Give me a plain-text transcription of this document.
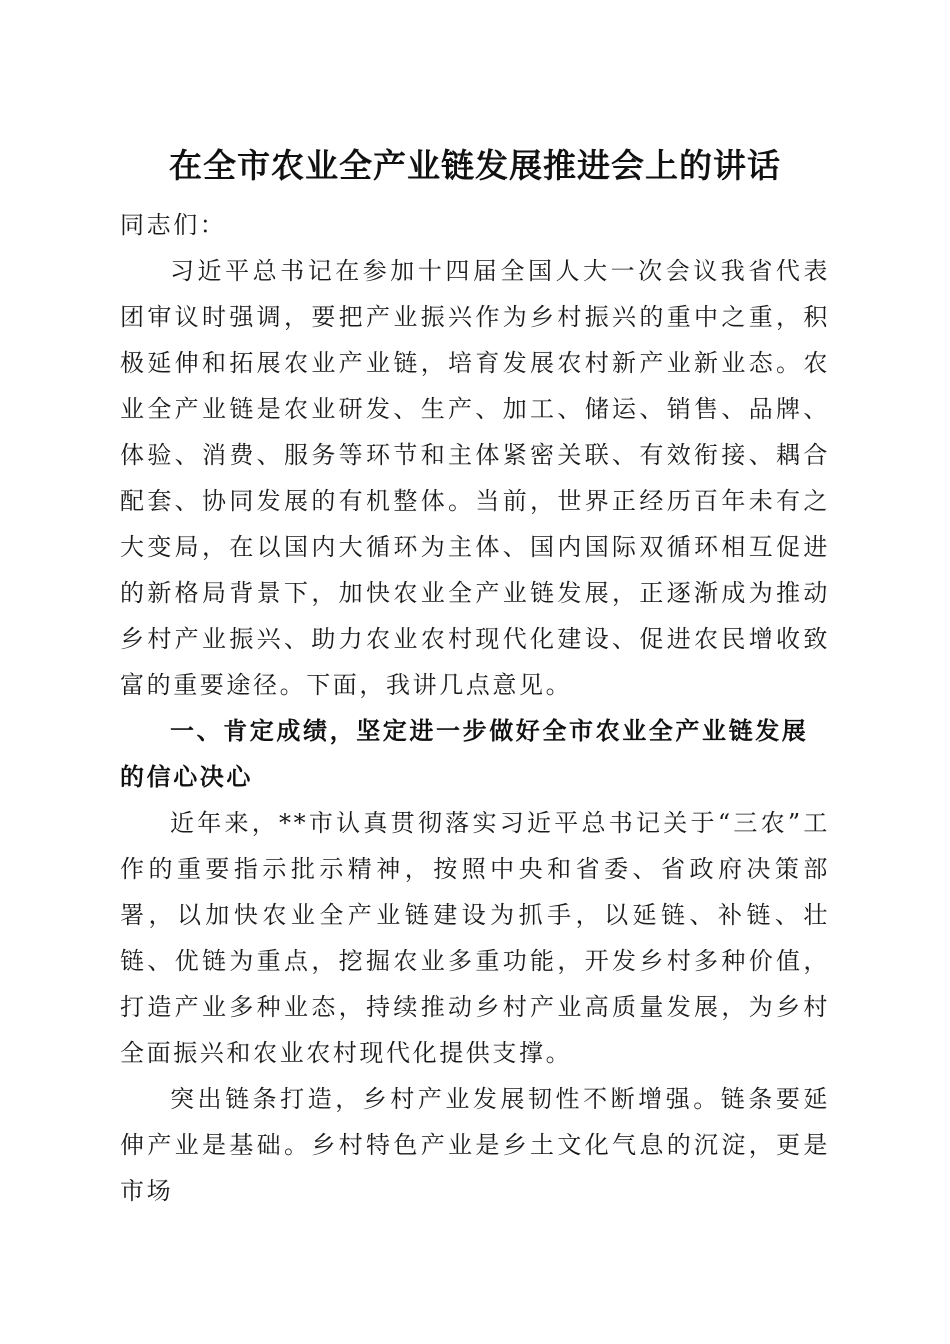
在全市农业全产业链发展推进会上的讲话

同志们：

习近平总书记在参加十四届全国人大一次会议我省代表团审议时强调，要把产业振兴作为乡村振兴的重中之重，积极延伸和拓展农业产业链，培育发展农村新产业新业态。农业全产业链是农业研发、生产、加工、储运、销售、品牌、体验、消费、服务等环节和主体紧密关联、有效衔接、耦合配套、协同发展的有机整体。当前，世界正经历百年未有之大变局，在以国内大循环为主体、国内国际双循环相互促进的新格局背景下，加快农业全产业链发展，正逐渐成为推动乡村产业振兴、助力农业农村现代化建设、促进农民增收致富的重要途径。下面，我讲几点意见。

一、肯定成绩，坚定进一步做好全市农业全产业链发展的信心决心

近年来，**市认真贯彻落实习近平总书记关于“三农”工作的重要指示批示精神，按照中央和省委、省政府决策部署，以加快农业全产业链建设为抓手，以延链、补链、壮链、优链为重点，挖掘农业多重功能，开发乡村多种价值，打造产业多种业态，持续推动乡村产业高质量发展，为乡村全面振兴和农业农村现代化提供支撑。

突出链条打造，乡村产业发展韧性不断增强。链条要延伸产业是基础。乡村特色产业是乡土文化气息的沉淀，更是市场
